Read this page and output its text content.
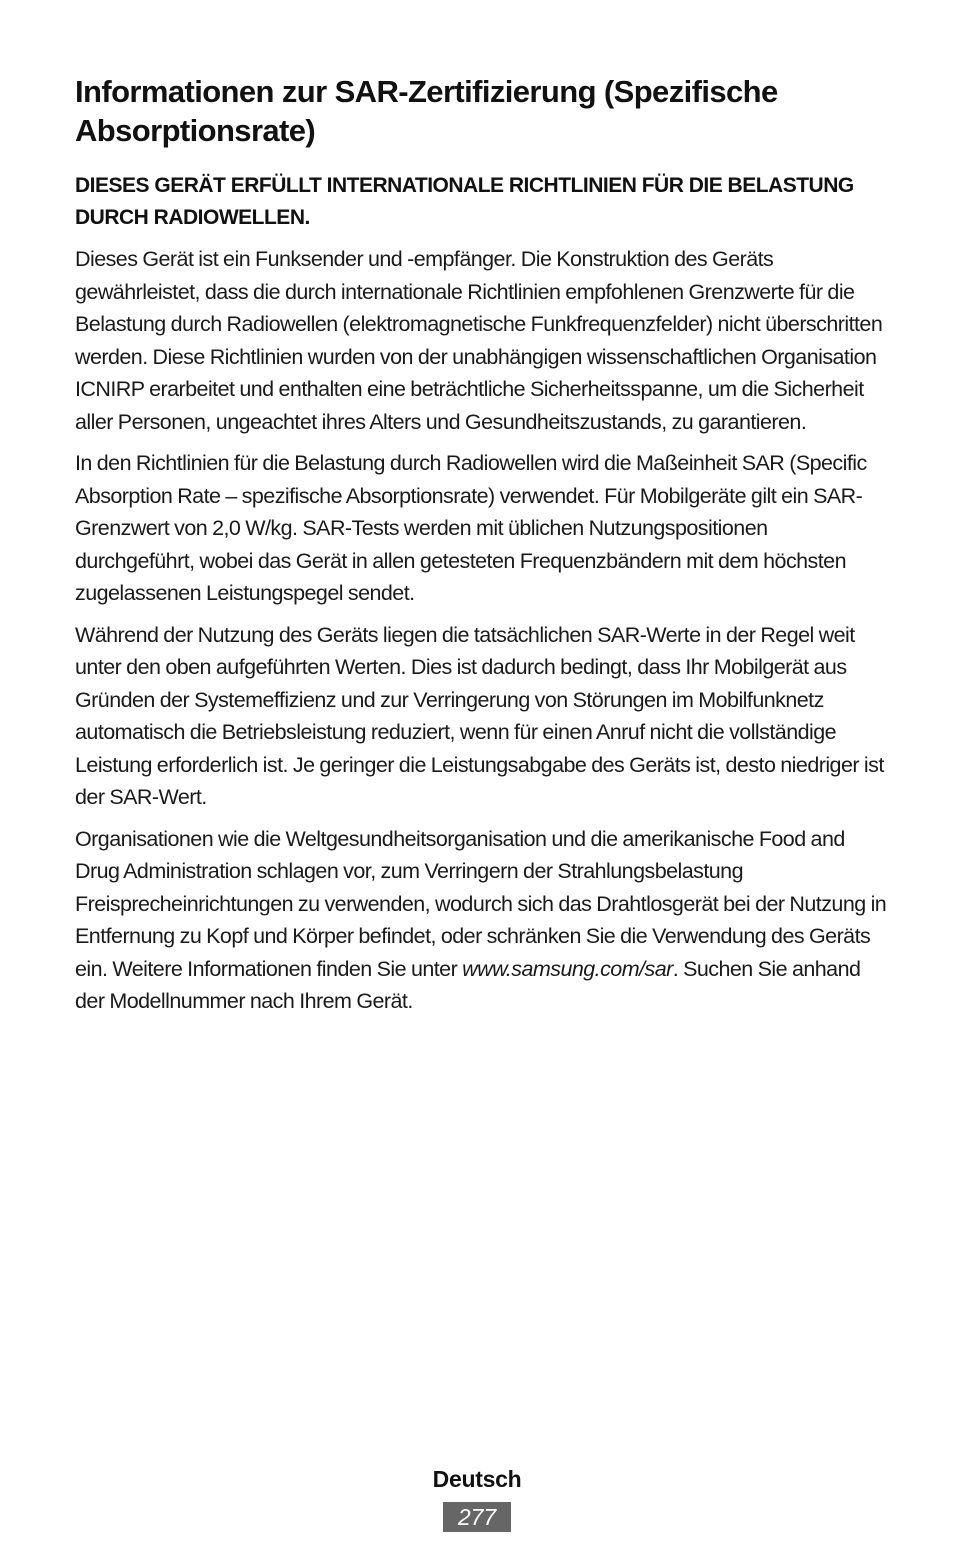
Informationen zur SAR-Zertifizierung (Spezifische Absorptionsrate)
DIESES GERÄT ERFÜLLT INTERNATIONALE RICHTLINIEN FÜR DIE BELASTUNG DURCH RADIOWELLEN.

Dieses Gerät ist ein Funksender und -empfänger. Die Konstruktion des Geräts gewährleistet, dass die durch internationale Richtlinien empfohlenen Grenzwerte für die Belastung durch Radiowellen (elektromagnetische Funkfrequenzfelder) nicht überschritten werden. Diese Richtlinien wurden von der unabhängigen wissenschaftlichen Organisation ICNIRP erarbeitet und enthalten eine beträchtliche Sicherheitsspanne, um die Sicherheit aller Personen, ungeachtet ihres Alters und Gesundheitszustands, zu garantieren.

In den Richtlinien für die Belastung durch Radiowellen wird die Maßeinheit SAR (Specific Absorption Rate – spezifische Absorptionsrate) verwendet. Für Mobilgeräte gilt ein SAR-Grenzwert von 2,0 W/kg. SAR-Tests werden mit üblichen Nutzungspositionen durchgeführt, wobei das Gerät in allen getesteten Frequenzbändern mit dem höchsten zugelassenen Leistungspegel sendet.

Während der Nutzung des Geräts liegen die tatsächlichen SAR-Werte in der Regel weit unter den oben aufgeführten Werten. Dies ist dadurch bedingt, dass Ihr Mobilgerät aus Gründen der Systemeffizienz und zur Verringerung von Störungen im Mobilfunknetz automatisch die Betriebsleistung reduziert, wenn für einen Anruf nicht die vollständige Leistung erforderlich ist. Je geringer die Leistungsabgabe des Geräts ist, desto niedriger ist der SAR-Wert.

Organisationen wie die Weltgesundheitsorganisation und die amerikanische Food and Drug Administration schlagen vor, zum Verringern der Strahlungsbelastung Freisprecheinrichtungen zu verwenden, wodurch sich das Drahtlosgerät bei der Nutzung in Entfernung zu Kopf und Körper befindet, oder schränken Sie die Verwendung des Geräts ein. Weitere Informationen finden Sie unter www.samsung.com/sar. Suchen Sie anhand der Modellnummer nach Ihrem Gerät.

Deutsch
277
